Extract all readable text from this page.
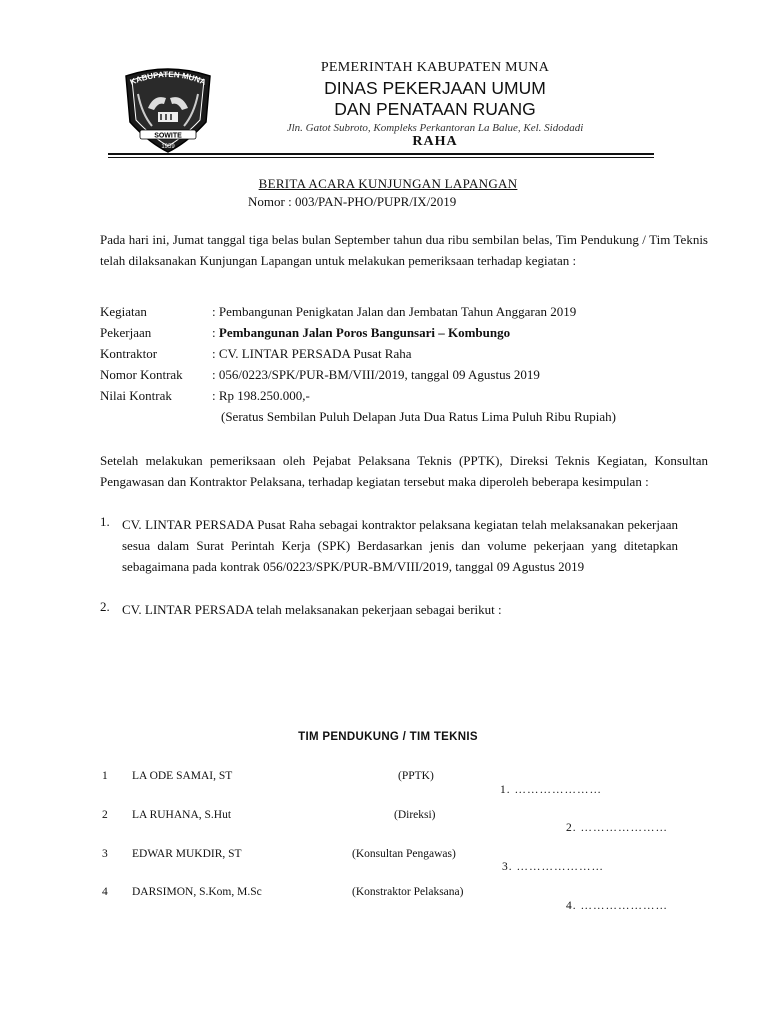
KABUPATEN MUNA
SOWITE
1959
PEMERINTAH KABUPATEN MUNA
DINAS PEKERJAAN UMUM
DAN PENATAAN RUANG
Jln. Gatot Subroto, Kompleks Perkantoran La Balue, Kel. Sidodadi
RAHA
BERITA ACARA KUNJUNGAN LAPANGAN
Nomor : 003/PAN-PHO/PUPR/IX/2019
Pada hari ini, Jumat tanggal tiga belas bulan September tahun dua ribu sembilan belas, Tim Pendukung / Tim Teknis telah dilaksanakan Kunjungan Lapangan untuk melakukan pemeriksaan terhadap kegiatan :
Kegiatan	: Pembangunan Penigkatan Jalan dan Jembatan Tahun Anggaran 2019
Pekerjaan	: Pembangunan Jalan Poros Bangunsari – Kombungo
Kontraktor	: CV. LINTAR PERSADA Pusat Raha
Nomor Kontrak : 056/0223/SPK/PUR-BM/VIII/2019, tanggal 09 Agustus 2019
Nilai Kontrak	: Rp 198.250.000,-
(Seratus Sembilan Puluh Delapan Juta Dua Ratus Lima Puluh Ribu Rupiah)
Setelah melakukan pemeriksaan oleh Pejabat Pelaksana Teknis (PPTK), Direksi Teknis Kegiatan, Konsultan Pengawasan dan Kontraktor Pelaksana, terhadap kegiatan tersebut maka diperoleh beberapa kesimpulan :
1. CV. LINTAR PERSADA Pusat Raha sebagai kontraktor pelaksana kegiatan telah melaksanakan pekerjaan sesua dalam Surat Perintah Kerja (SPK) Berdasarkan jenis dan volume pekerjaan yang ditetapkan sebagaimana pada kontrak 056/0223/SPK/PUR-BM/VIII/2019, tanggal 09 Agustus 2019
2. CV. LINTAR PERSADA telah melaksanakan pekerjaan sebagai berikut :
TIM PENDUKUNG / TIM TEKNIS
1 LA ODE SAMAI, ST	(PPTK)
1. …………………
2 LA RUHANA, S.Hut	(Direksi)
2. …………………
3 EDWAR MUKDIR, ST	(Konsultan Pengawas)
3. …………………
4 DARSIMON, S.Kom, M.Sc	(Konstraktor Pelaksana)
4. …………………
